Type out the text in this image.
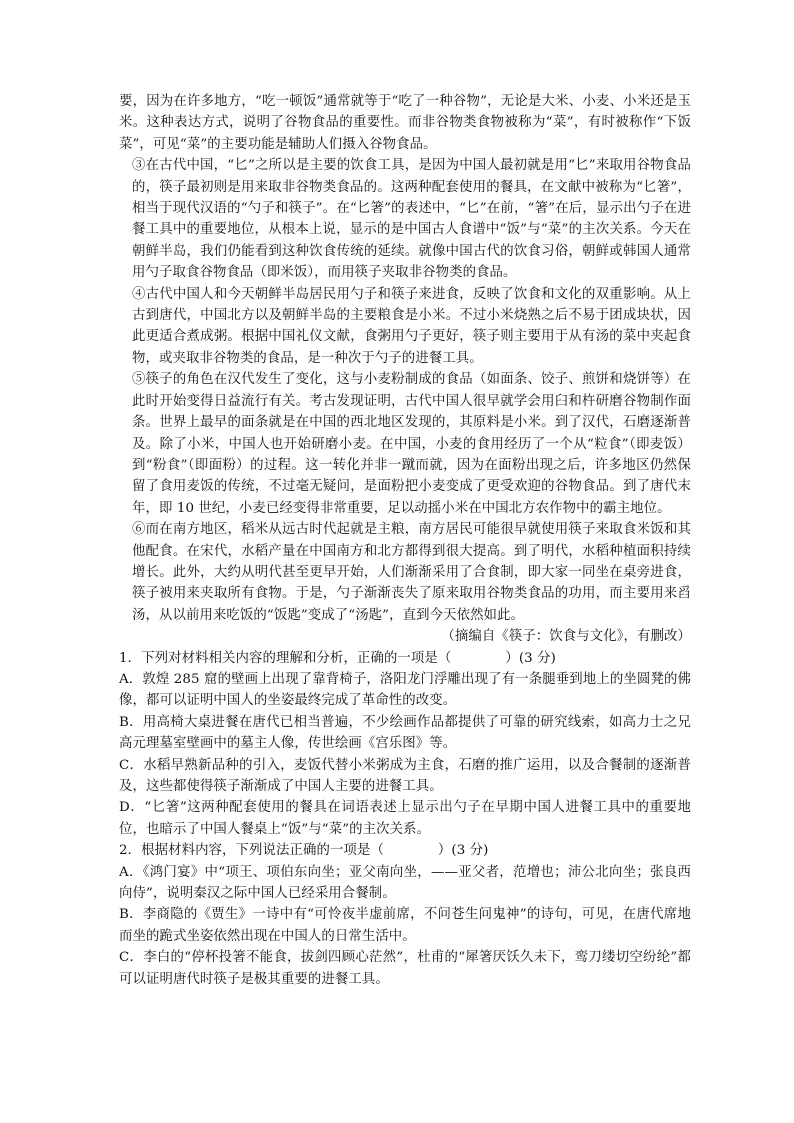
要，因为在许多地方，“吃一顿饭”通常就等于“吃了一种谷物”，无论是大米、小麦、小米还是玉米。这种表达方式，说明了谷物食品的重要性。而非谷物类食物被称为“菜”，有时被称作“下饭菜”，可见“菜”的主要功能是辅助人们摄入谷物食品。

③在古代中国，“匕”之所以是主要的饮食工具，是因为中国人最初就是用“匕”来取用谷物食品的，筷子最初则是用来取非谷物类食品的。这两种配套使用的餐具，在文献中被称为“匕箸”，相当于现代汉语的“勺子和筷子”。在“匕箸”的表述中，“匕”在前，“箸”在后，显示出勺子在进餐工具中的重要地位，从根本上说，显示的是中国古人食谱中“饭”与“菜”的主次关系。今天在朝鲜半岛，我们仍能看到这种饮食传统的延续。就像中国古代的饮食习俗，朝鲜或韩国人通常用勺子取食谷物食品（即米饭），而用筷子夹取非谷物类的食品。

④古代中国人和今天朝鲜半岛居民用勺子和筷子来进食，反映了饮食和文化的双重影响。从上古到唐代，中国北方以及朝鲜半岛的主要粮食是小米。不过小米烧熟之后不易于团成块状，因此更适合煮成粥。根据中国礼仪文献，食粥用勺子更好，筷子则主要用于从有汤的菜中夹起食物，或夹取非谷物类的食品，是一种次于勺子的进餐工具。

⑤筷子的角色在汉代发生了变化，这与小麦粉制成的食品（如面条、饺子、煎饼和烧饼等）在此时开始变得日益流行有关。考古发现证明，古代中国人很早就学会用臼和杵研磨谷物制作面条。世界上最早的面条就是在中国的西北地区发现的，其原料是小米。到了汉代，石磨逐渐普及。除了小米，中国人也开始研磨小麦。在中国，小麦的食用经历了一个从“粒食”（即麦饭）到“粉食”（即面粉）的过程。这一转化并非一蹴而就，因为在面粉出现之后，许多地区仍然保留了食用麦饭的传统，不过毫无疑问，是面粉把小麦变成了更受欢迎的谷物食品。到了唐代末年，即 10 世纪，小麦已经变得非常重要，足以动摇小米在中国北方农作物中的霸主地位。

⑥而在南方地区，稻米从远古时代起就是主粮，南方居民可能很早就使用筷子来取食米饭和其他配食。在宋代，水稻产量在中国南方和北方都得到很大提高。到了明代，水稻种植面积持续增长。此外，大约从明代甚至更早开始，人们渐渐采用了合食制，即大家一同坐在桌旁进食，筷子被用来夹取所有食物。于是，勺子渐渐丧失了原来取用谷物类食品的功用，而主要用来舀汤，从以前用来吃饭的“饭匙”变成了“汤匙”，直到今天依然如此。

（摘编自《筷子：饮食与文化》，有删改）

1．下列对材料相关内容的理解和分析，正确的一项是（　　　　）(3 分)

A．敦煌 285 窟的壁画上出现了靠背椅子，洛阳龙门浮雕出现了有一条腿垂到地上的坐圆凳的佛像，都可以证明中国人的坐姿最终完成了革命性的改变。

B．用高椅大桌进餐在唐代已相当普遍，不少绘画作品都提供了可靠的研究线索，如高力士之兄高元理墓室壁画中的墓主人像，传世绘画《宫乐图》等。

C．水稻早熟新品种的引入，麦饭代替小米粥成为主食，石磨的推广运用，以及合餐制的逐渐普及，这些都使得筷子渐渐成了中国人主要的进餐工具。

D．“匕箸”这两种配套使用的餐具在词语表述上显示出勺子在早期中国人进餐工具中的重要地位，也暗示了中国人餐桌上“饭”与“菜”的主次关系。

2．根据材料内容，下列说法正确的一项是（　　　　）(3 分)

A．《鸿门宴》中“项王、项伯东向坐；亚父南向坐，——亚父者，范增也；沛公北向坐；张良西向侍”，说明秦汉之际中国人已经采用合餐制。

B．李商隐的《贾生》一诗中有“可怜夜半虚前席，不问苍生问鬼神”的诗句，可见，在唐代席地而坐的跪式坐姿依然出现在中国人的日常生活中。

C．李白的“停杯投箸不能食，拔剑四顾心茫然”，杜甫的“犀箸厌饫久未下，鸾刀缕切空纷纶”都可以证明唐代时筷子是极其重要的进餐工具。
